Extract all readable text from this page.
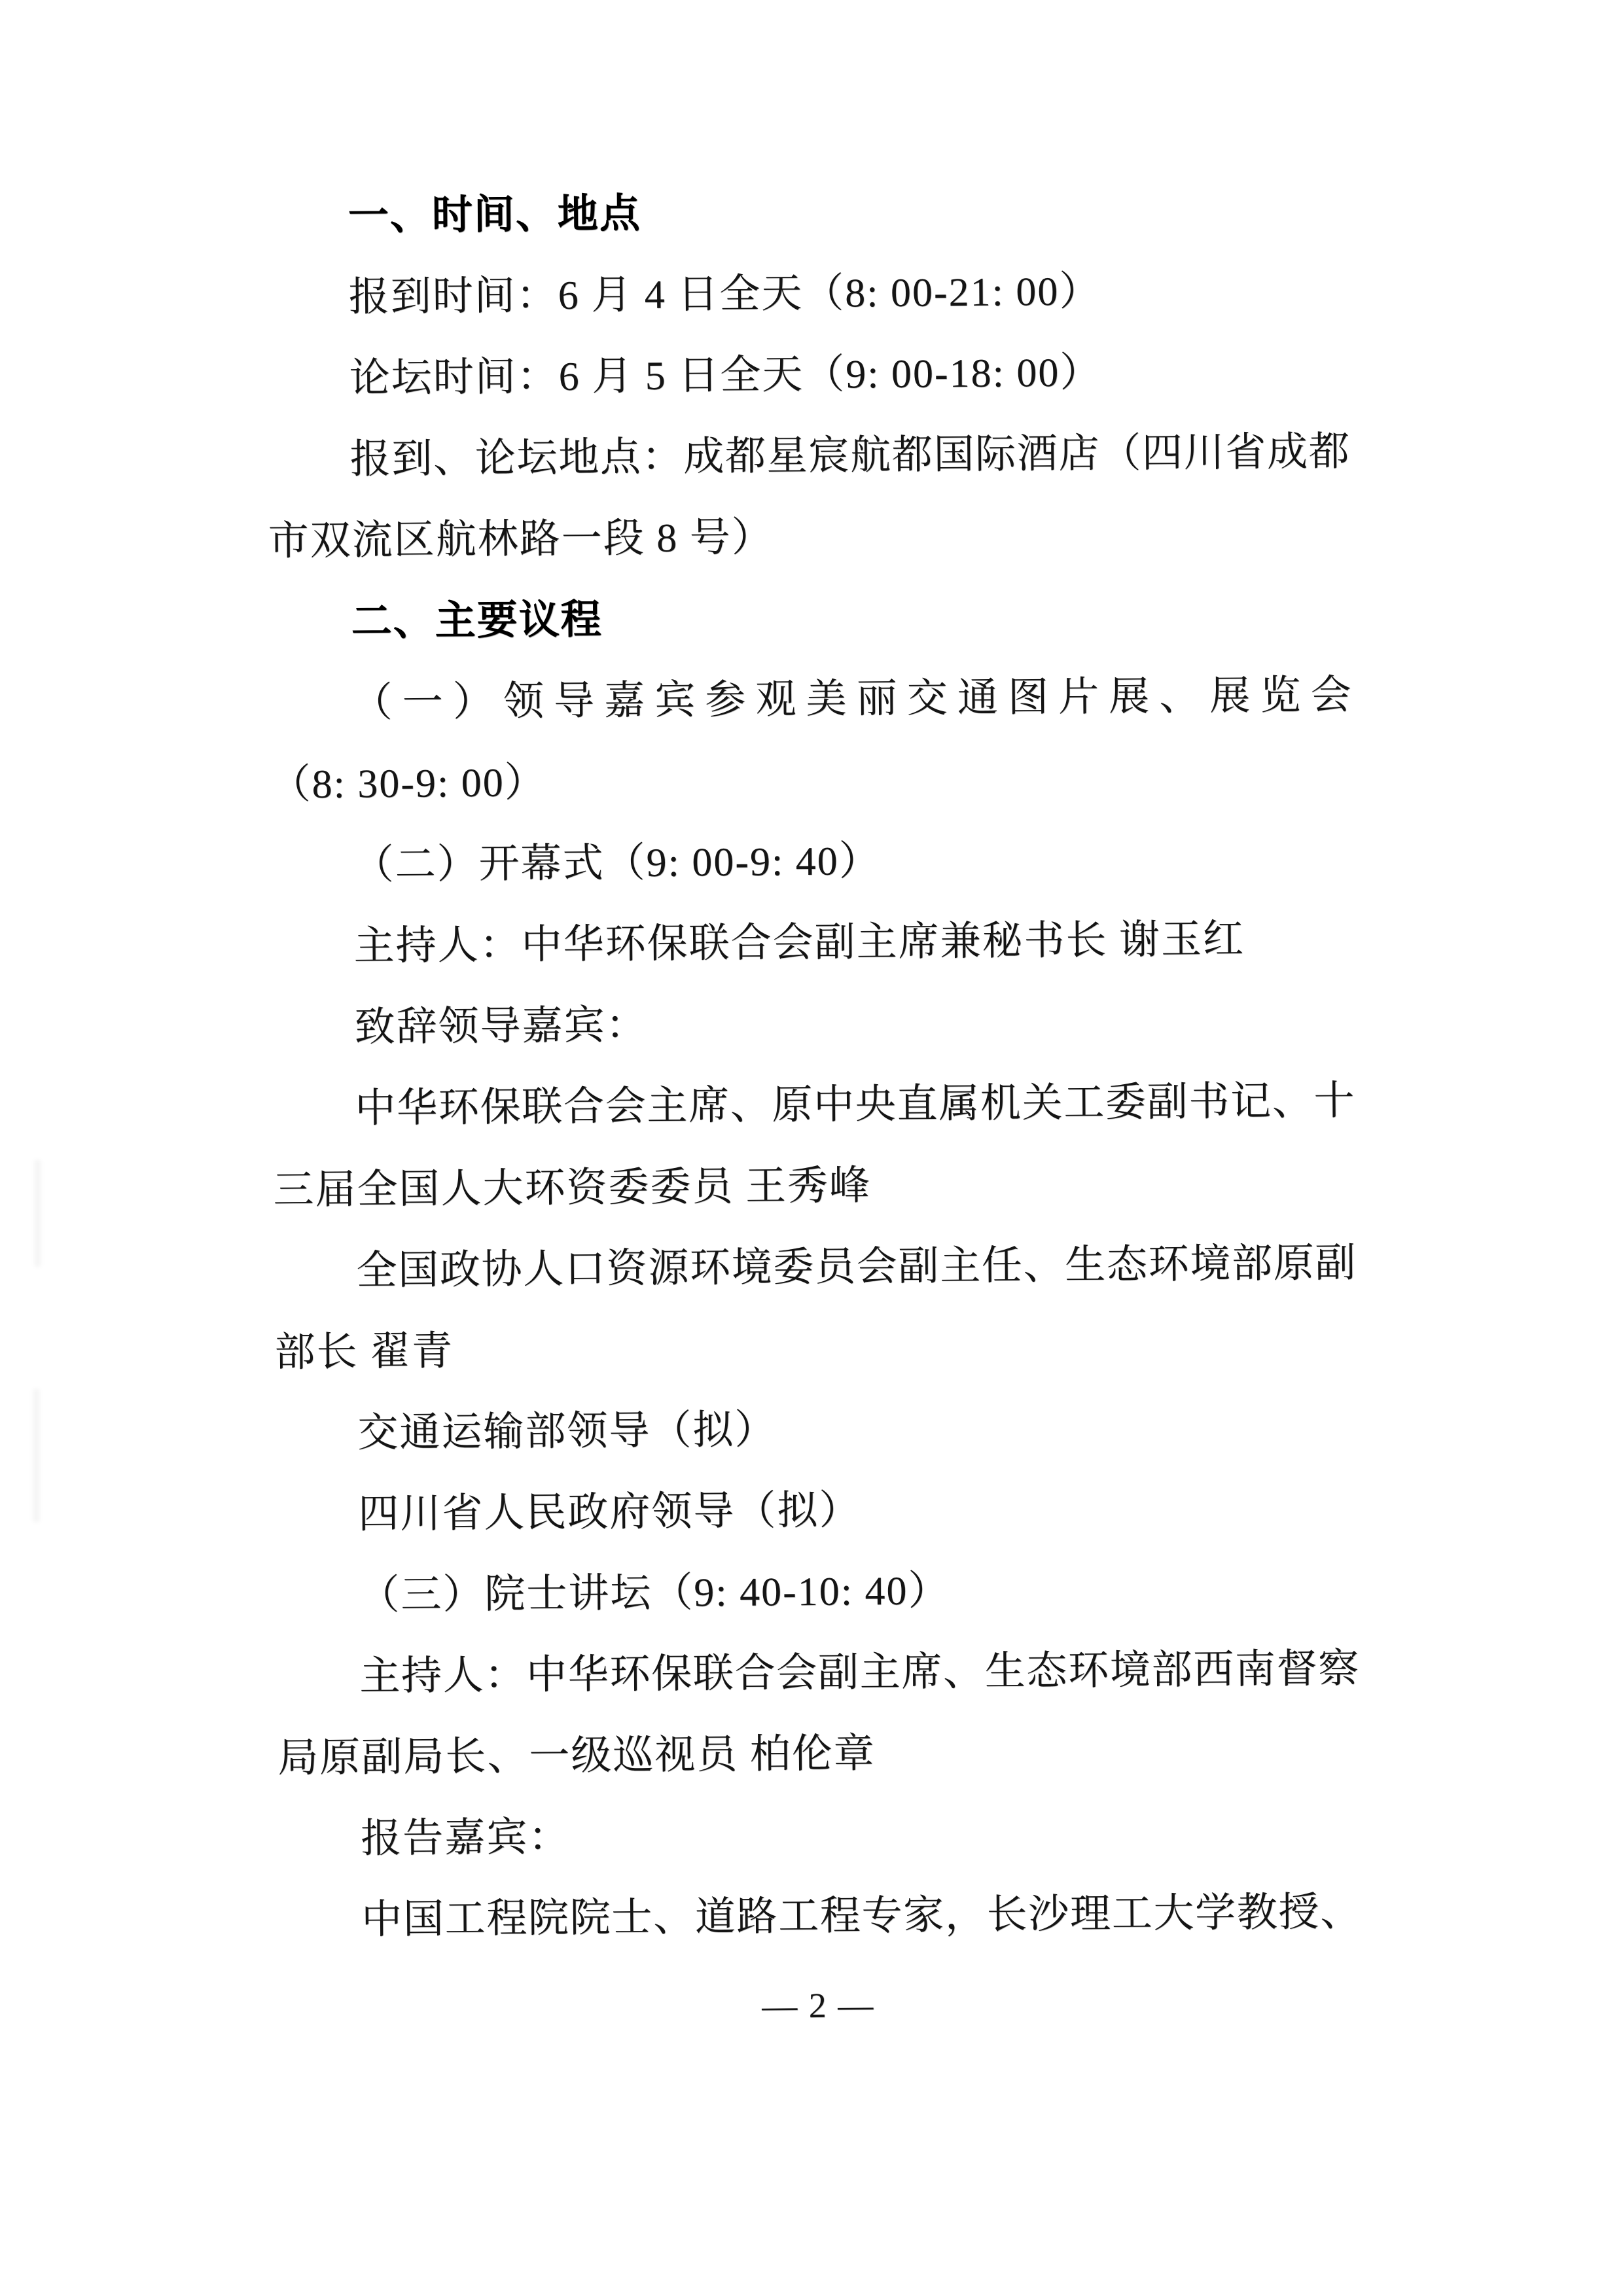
一、时间、地点
报到时间：6 月 4 日全天（8: 00-21: 00）
论坛时间：6 月 5 日全天（9: 00-18: 00）
报到、论坛地点：成都星宸航都国际酒店（四川省成都
市双流区航林路一段 8 号）
二、主要议程
（一）领导嘉宾参观美丽交通图片展、展览会
（8: 30-9: 00）
（二）开幕式（9: 00-9: 40）
主持人：中华环保联合会副主席兼秘书长 谢玉红
致辞领导嘉宾：
中华环保联合会主席、原中央直属机关工委副书记、十
三届全国人大环资委委员 王秀峰
全国政协人口资源环境委员会副主任、生态环境部原副
部长 翟青
交通运输部领导（拟）
四川省人民政府领导（拟）
（三）院士讲坛（9: 40-10: 40）
主持人：中华环保联合会副主席、生态环境部西南督察
局原副局长、一级巡视员 柏伦章
报告嘉宾：
中国工程院院士、道路工程专家，长沙理工大学教授、
— 2 —
